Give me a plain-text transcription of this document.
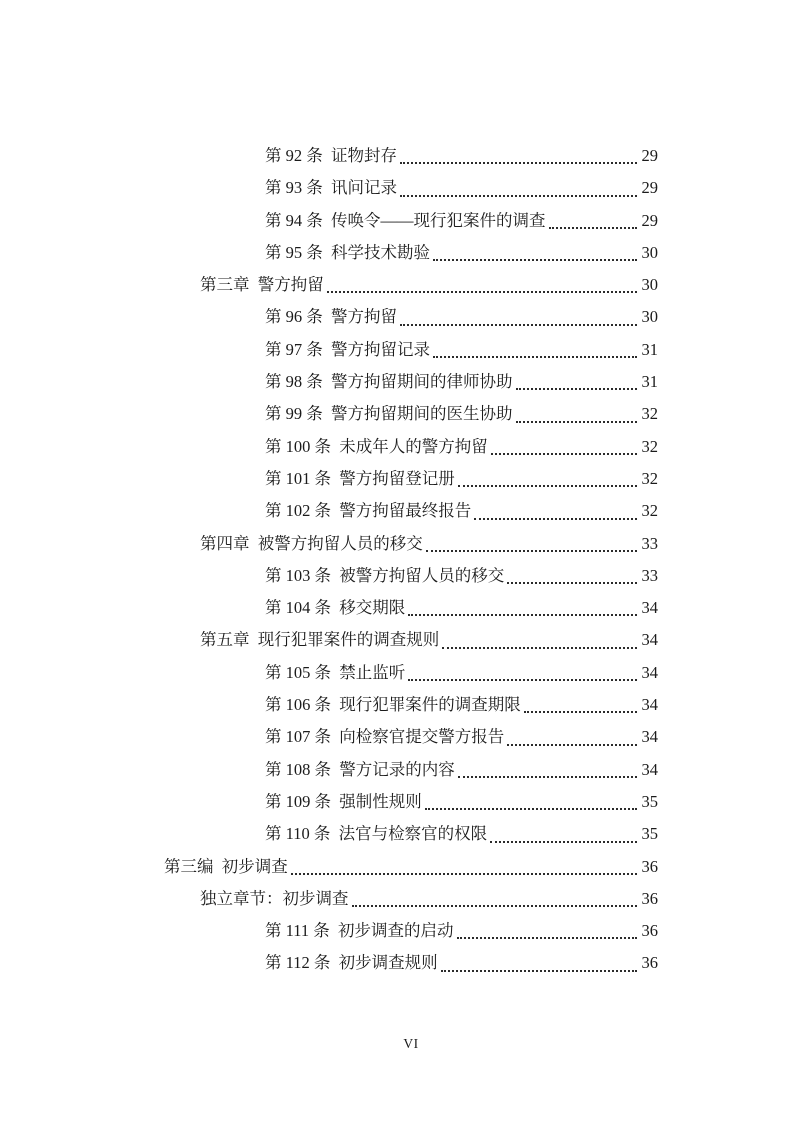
第 92 条  证物封存	29
第 93 条  讯问记录	29
第 94 条  传唤令——现行犯案件的调查	29
第 95 条  科学技术勘验	30
第三章  警方拘留	30
第 96 条  警方拘留	30
第 97 条  警方拘留记录	31
第 98 条  警方拘留期间的律师协助	31
第 99 条  警方拘留期间的医生协助	32
第 100 条  未成年人的警方拘留	32
第 101 条  警方拘留登记册	32
第 102 条  警方拘留最终报告	32
第四章  被警方拘留人员的移交	33
第 103 条  被警方拘留人员的移交	33
第 104 条  移交期限	34
第五章  现行犯罪案件的调查规则	34
第 105 条  禁止监听	34
第 106 条  现行犯罪案件的调查期限	34
第 107 条  向检察官提交警方报告	34
第 108 条  警方记录的内容	34
第 109 条  强制性规则	35
第 110 条  法官与检察官的权限	35
第三编  初步调查	36
独立章节：初步调查	36
第 111 条  初步调查的启动	36
第 112 条  初步调查规则	36
VI
